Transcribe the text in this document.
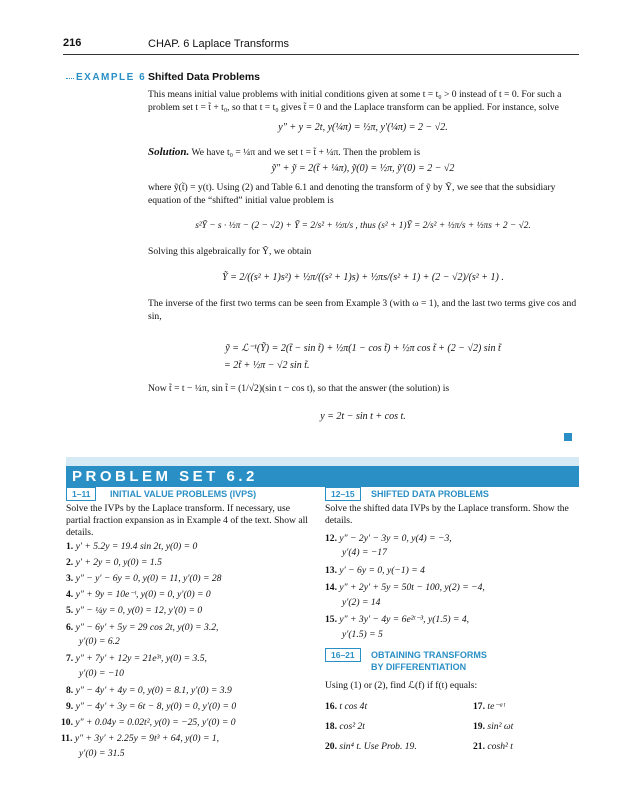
216	CHAP. 6 Laplace Transforms
EXAMPLE 6 Shifted Data Problems
This means initial value problems with initial conditions given at some t = t₀ > 0 instead of t = 0. For such a problem set t = t̃ + t₀, so that t = t₀ gives t̃ = 0 and the Laplace transform can be applied. For instance, solve
y″ + y = 2t, y(¼π) = ½π, y′(¼π) = 2 − √2.
Solution. We have t₀ = ¼π and we set t = t̃ + ¼π. Then the problem is
ỹ″ + ỹ = 2(t̃ + ¼π), ỹ(0) = ½π, ỹ′(0) = 2 − √2
where ỹ(t̃) = y(t). Using (2) and Table 6.1 and denoting the transform of ỹ by Ỹ, we see that the subsidiary equation of the “shifted” initial value problem is
s²Ỹ − s · ½π − (2 − √2) + Ỹ = 2/s² + ½π/s , thus (s² + 1)Ỹ = 2/s² + ½π/s + ½πs + 2 − √2.
Solving this algebraically for Ỹ, we obtain
Ỹ = 2/((s² + 1)s²) + ½π/((s² + 1)s) + ½πs/(s² + 1) + (2 − √2)/(s² + 1) .
The inverse of the first two terms can be seen from Example 3 (with ω = 1), and the last two terms give cos and sin,
ỹ = ℒ⁻¹(Ỹ) = 2(t̃ − sin t̃) + ½π(1 − cos t̃) + ½π cos t̃ + (2 − √2) sin t̃
= 2t̃ + ½π − √2 sin t̃.
Now t̃ = t − ¼π, sin t̃ = (1/√2)(sin t − cos t), so that the answer (the solution) is
y = 2t − sin t + cos t.
PROBLEM SET 6.2
1–11	INITIAL VALUE PROBLEMS (IVPS)
Solve the IVPs by the Laplace transform. If necessary, use partial fraction expansion as in Example 4 of the text. Show all details.
1. y′ + 5.2y = 19.4 sin 2t, y(0) = 0
2. y′ + 2y = 0, y(0) = 1.5
3. y″ − y′ − 6y = 0, y(0) = 11, y′(0) = 28
4. y″ + 9y = 10e⁻ᵗ, y(0) = 0, y′(0) = 0
5. y″ − ¼y = 0, y(0) = 12, y′(0) = 0
6. y″ − 6y′ + 5y = 29 cos 2t, y(0) = 3.2,
y′(0) = 6.2
7. y″ + 7y′ + 12y = 21e³ᵗ, y(0) = 3.5,
y′(0) = −10
8. y″ − 4y′ + 4y = 0, y(0) = 8.1, y′(0) = 3.9
9. y″ − 4y′ + 3y = 6t − 8, y(0) = 0, y′(0) = 0
10. y″ + 0.04y = 0.02t², y(0) = −25, y′(0) = 0
11. y″ + 3y′ + 2.25y = 9t³ + 64, y(0) = 1,
y′(0) = 31.5
12–15	SHIFTED DATA PROBLEMS
Solve the shifted data IVPs by the Laplace transform. Show the details.
12. y″ − 2y′ − 3y = 0, y(4) = −3,
y′(4) = −17
13. y′ − 6y = 0, y(−1) = 4
14. y″ + 2y′ + 5y = 50t − 100, y(2) = −4,
y′(2) = 14
15. y″ + 3y′ − 4y = 6e²ᵗ⁻³, y(1.5) = 4,
y′(1.5) = 5
16–21	OBTAINING TRANSFORMS
BY DIFFERENTIATION
Using (1) or (2), find ℒ(f) if f(t) equals:
16. t cos 4t	17. te⁻ᵃᵗ
18. cos² 2t	19. sin² ωt
20. sin⁴ t. Use Prob. 19.	21. cosh² t
